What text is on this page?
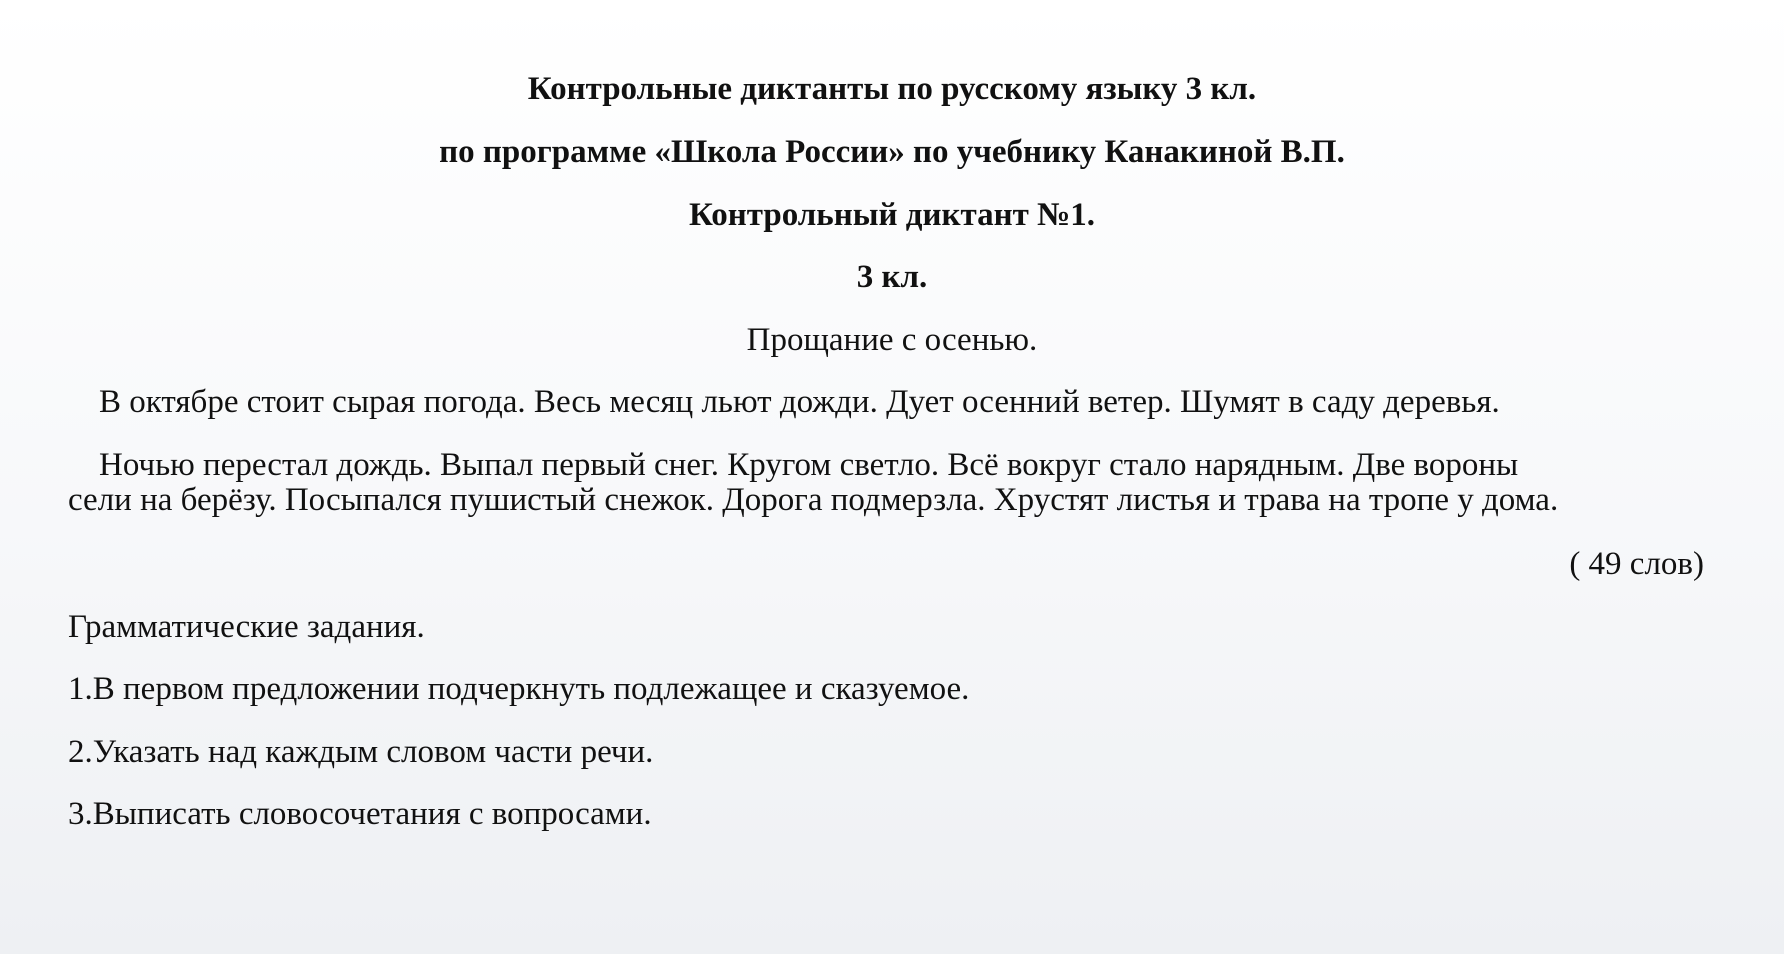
Контрольные диктанты по русскому языку 3 кл.
по программе «Школа России» по учебнику Канакиной В.П.
Контрольный диктант №1.
3 кл.
Прощание с осенью.

В октябре стоит сырая погода. Весь месяц льют дожди. Дует осенний ветер. Шумят в саду деревья.

Ночью перестал дождь. Выпал первый снег. Кругом светло. Всё вокруг стало нарядным. Две вороны
сели на берёзу. Посыпался пушистый снежок. Дорога подмерзла. Хрустят листья и трава на тропе у дома.

( 49 слов)
Грамматические задания.
1.В первом предложении подчеркнуть подлежащее и сказуемое.
2.Указать над каждым словом части речи.
3.Выписать словосочетания с вопросами.
